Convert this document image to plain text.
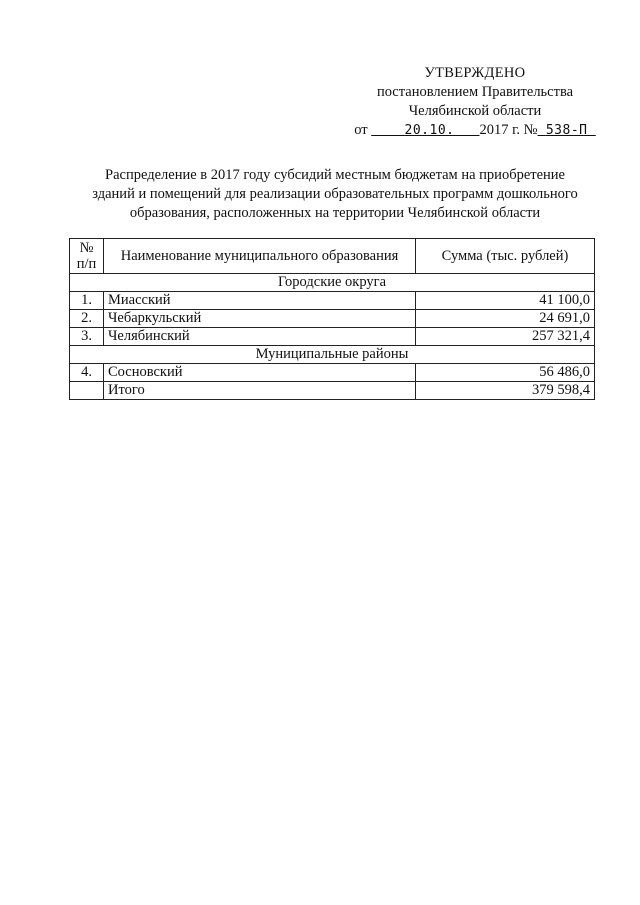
УТВЕРЖДЕНО
постановлением Правительства
Челябинской области
от	20.10. 2017 г. № 538-П
Распределение в 2017 году субсидий местным бюджетам на приобретение
зданий и помещений для реализации образовательных программ дошкольного
образования, расположенных на территории Челябинской области
№
п/п	Наименование муниципального образования	Сумма (тыс. рублей)
Городские округа		
1.	Миасский	41 100,0
2.	Чебаркульский	24 691,0
3.	Челябинский	257 321,4
Муниципальные районы		
4.	Сосновский	56 486,0
	Итого	379 598,4
